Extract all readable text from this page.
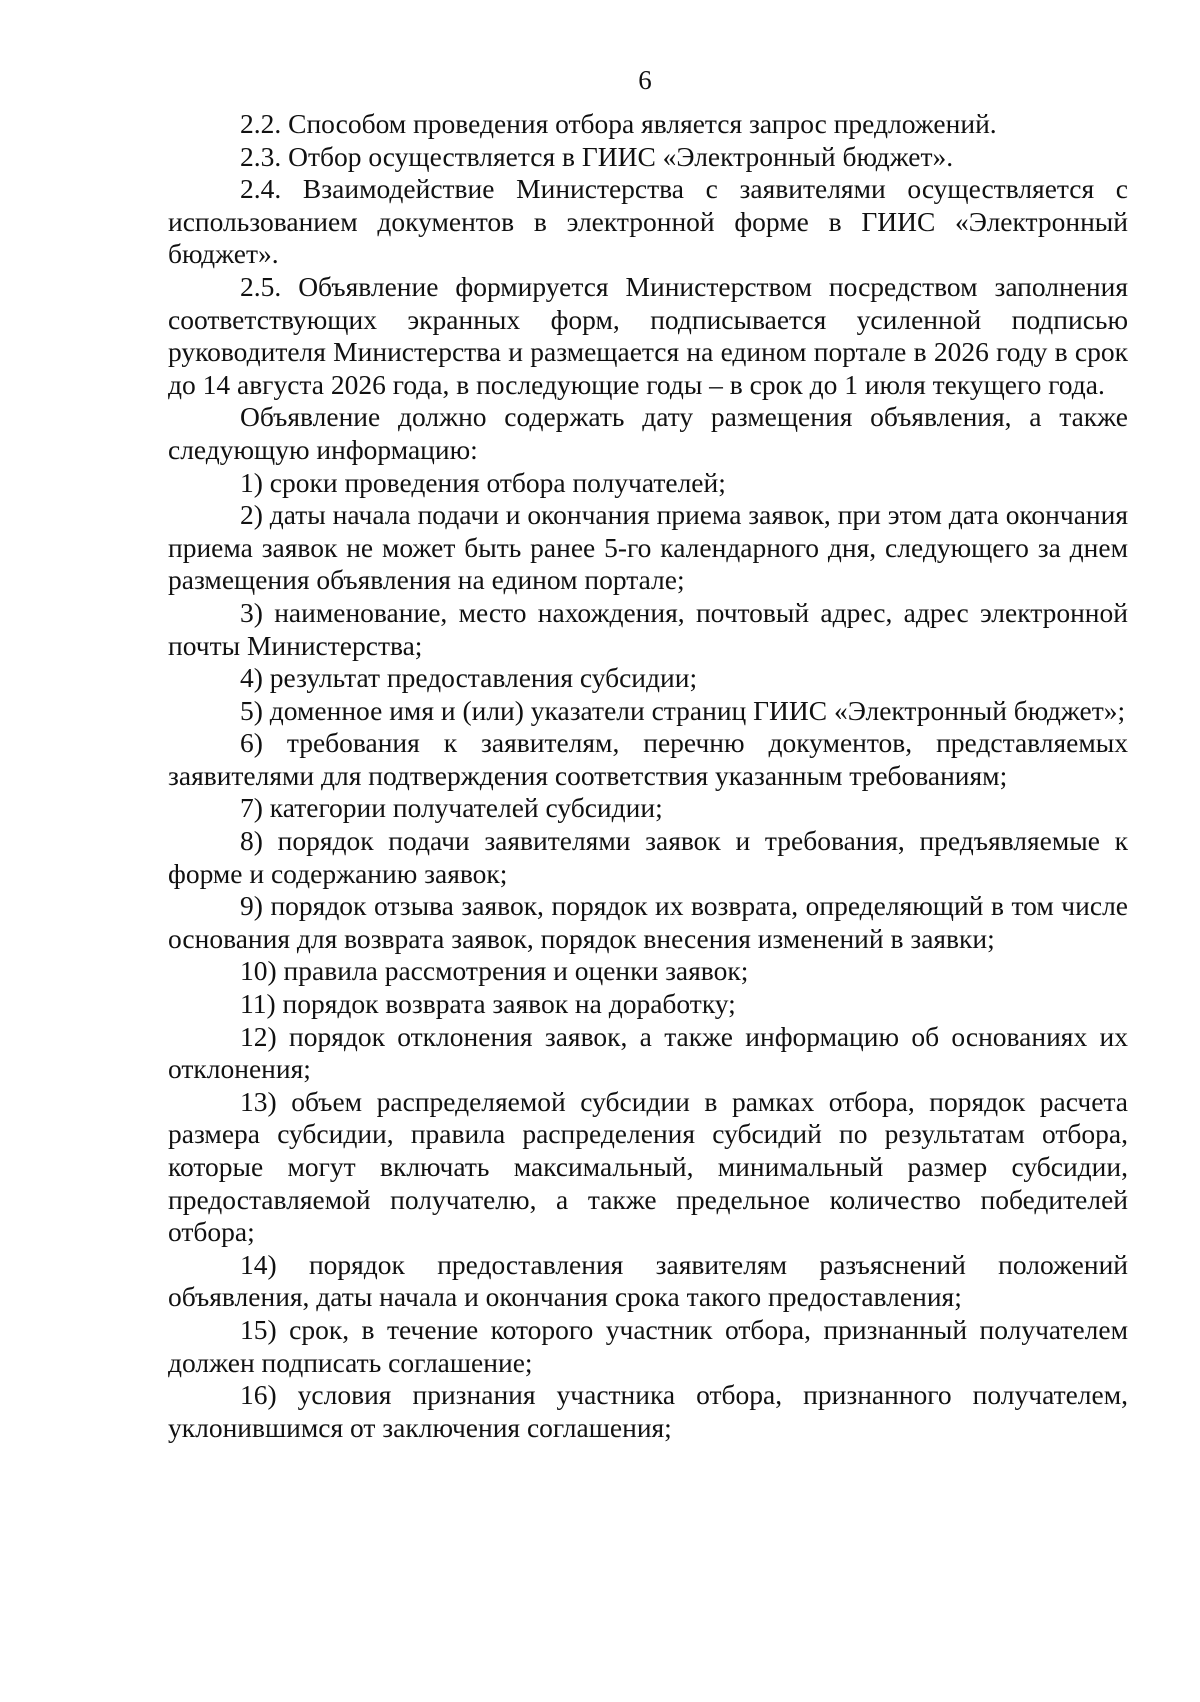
6

2.2. Способом проведения отбора является запрос предложений.

2.3. Отбор осуществляется в ГИИС «Электронный бюджет».

2.4. Взаимодействие Министерства с заявителями осуществляется с использованием документов в электронной форме в ГИИС «Электронный бюджет».

2.5. Объявление формируется Министерством посредством заполнения соответствующих экранных форм, подписывается усиленной подписью руководителя Министерства и размещается на едином портале в 2026 году в срок до 14 августа 2026 года, в последующие годы – в срок до 1 июля текущего года.

Объявление должно содержать дату размещения объявления, а также следующую информацию:

1) сроки проведения отбора получателей;

2) даты начала подачи и окончания приема заявок, при этом дата окончания приема заявок не может быть ранее 5-го календарного дня, следующего за днем размещения объявления на едином портале;

3) наименование, место нахождения, почтовый адрес, адрес электронной почты Министерства;

4) результат предоставления субсидии;

5) доменное имя и (или) указатели страниц ГИИС «Электронный бюджет»;

6) требования к заявителям, перечню документов, представляемых заявителями для подтверждения соответствия указанным требованиям;

7) категории получателей субсидии;

8) порядок подачи заявителями заявок и требования, предъявляемые к форме и содержанию заявок;

9) порядок отзыва заявок, порядок их возврата, определяющий в том числе основания для возврата заявок, порядок внесения изменений в заявки;

10) правила рассмотрения и оценки заявок;

11) порядок возврата заявок на доработку;

12) порядок отклонения заявок, а также информацию об основаниях их отклонения;

13) объем распределяемой субсидии в рамках отбора, порядок расчета размера субсидии, правила распределения субсидий по результатам отбора, которые могут включать максимальный, минимальный размер субсидии, предоставляемой получателю, а также предельное количество победителей отбора;

14) порядок предоставления заявителям разъяснений положений объявления, даты начала и окончания срока такого предоставления;

15) срок, в течение которого участник отбора, признанный получателем должен подписать соглашение;

16) условия признания участника отбора, признанного получателем, уклонившимся от заключения соглашения;
